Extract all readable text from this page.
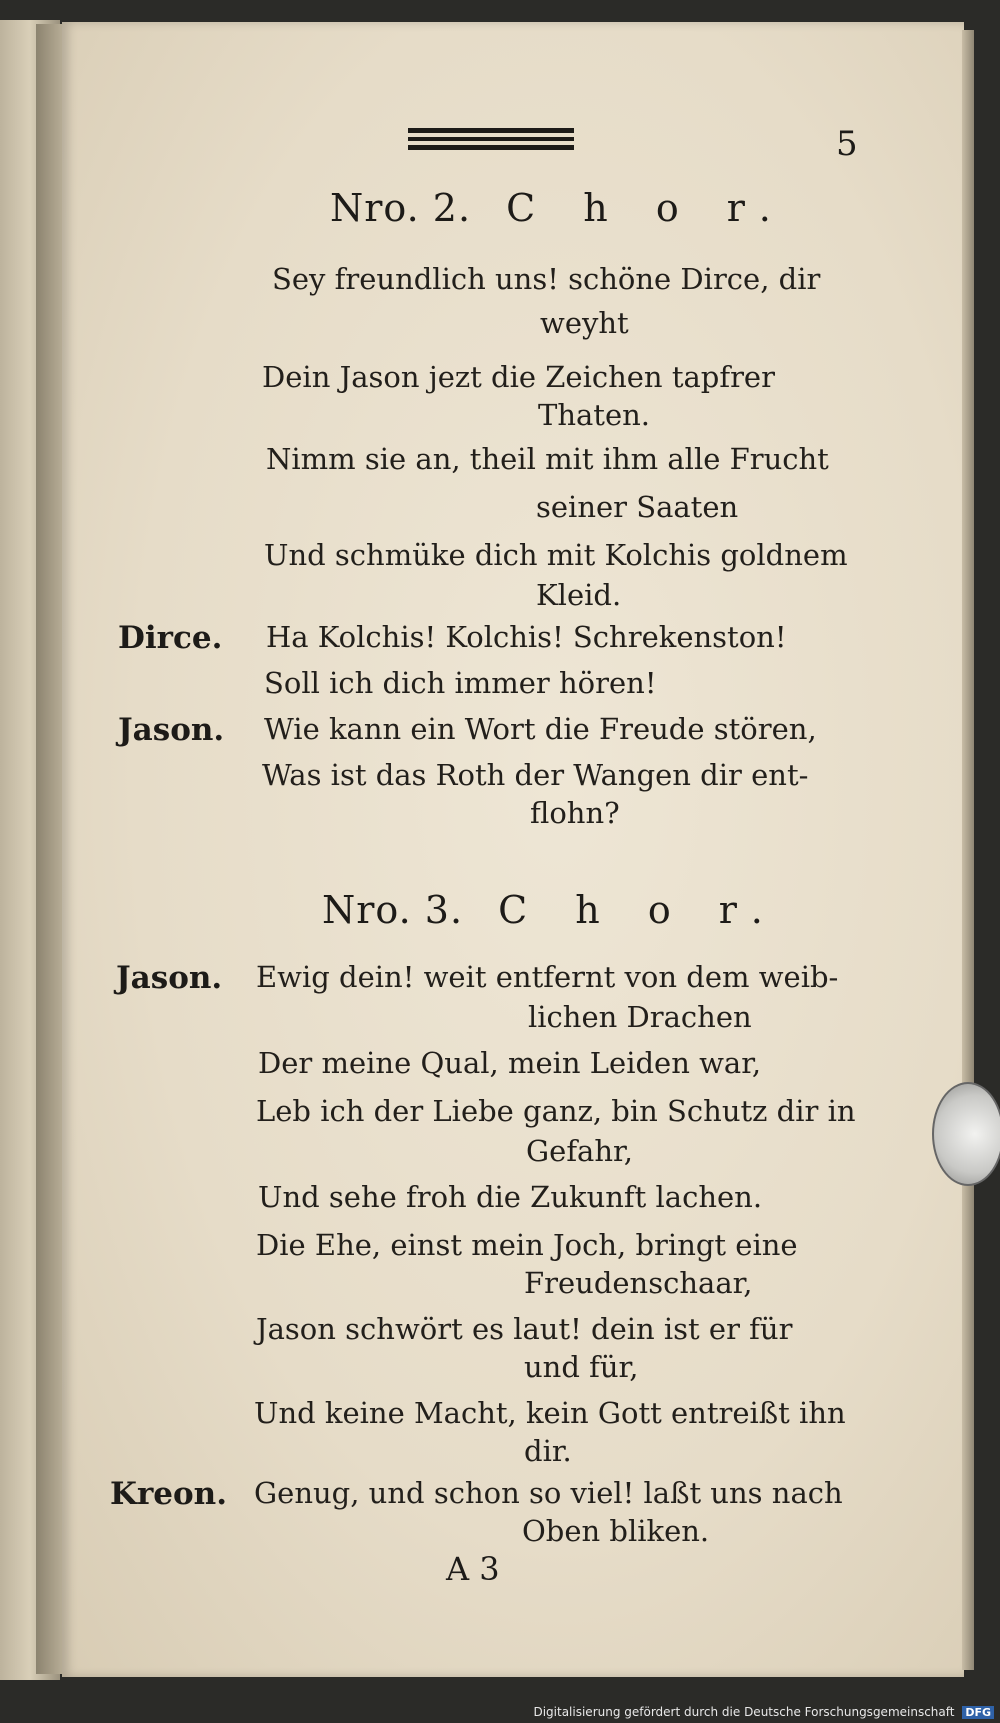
5
Nro. 2. C h o r.
Sey freundlich uns! schöne Dirce, dir
weyht
Dein Jason jezt die Zeichen tapfrer
Thaten.
Nimm sie an, theil mit ihm alle Frucht
seiner Saaten
Und schmüke dich mit Kolchis goldnem
Kleid.
Dirce. Ha Kolchis! Kolchis! Schrekenston!
Soll ich dich immer hören!
Jason. Wie kann ein Wort die Freude stören,
Was ist das Roth der Wangen dir ent-
flohn?
Nro. 3. C h o r.
Jason. Ewig dein! weit entfernt von dem weib-
lichen Drachen
Der meine Qual, mein Leiden war,
Leb ich der Liebe ganz, bin Schutz dir in
Gefahr,
Und sehe froh die Zukunft lachen.
Die Ehe, einst mein Joch, bringt eine
Freudenschaar,
Jason schwört es laut! dein ist er für
und für,
Und keine Macht, kein Gott entreißt ihn
dir.
Kreon. Genug, und schon so viel! laßt uns nach
Oben bliken.
A 3
Digitalisierung gefördert durch die Deutsche Forschungsgemeinschaft DFG
